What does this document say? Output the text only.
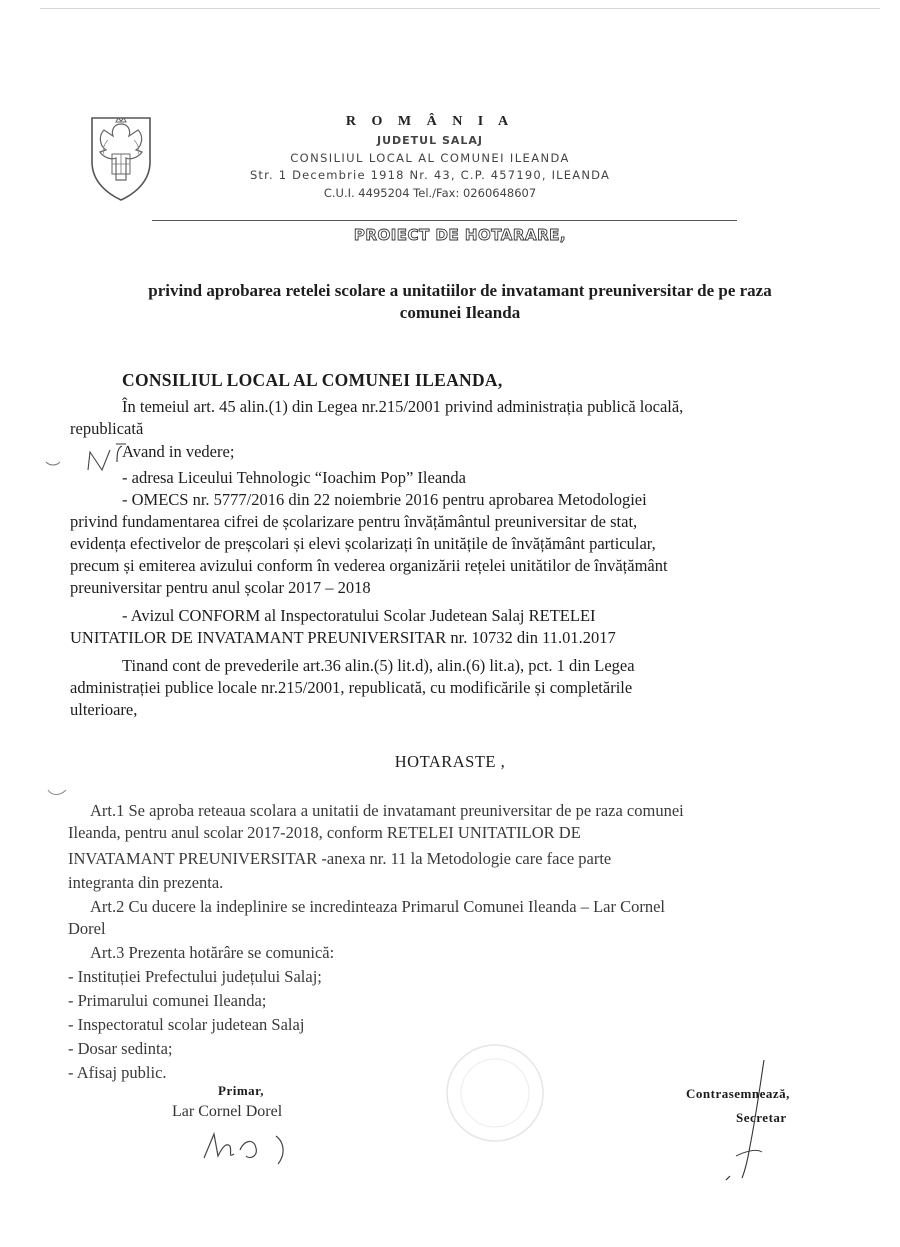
R O M Â N I A
JUDETUL SALAJ
CONSILIUL LOCAL AL COMUNEI ILEANDA
Str. 1 Decembrie 1918 Nr. 43, C.P. 457190, ILEANDA
C.U.I. 4495204 Tel./Fax: 0260648607
PROIECT DE HOTARARE,
privind aprobarea retelei scolare a unitatiilor de invatamant preuniversitar de pe raza
comunei Ileanda
CONSILIUL LOCAL AL COMUNEI ILEANDA,
În temeiul art. 45 alin.(1) din Legea nr.215/2001 privind administrația publică locală,
republicată
Avand in vedere;
- adresa Liceului Tehnologic “Ioachim Pop” Ileanda
- OMECS nr. 5777/2016 din 22 noiembrie 2016 pentru aprobarea Metodologiei
privind fundamentarea cifrei de școlarizare pentru învățământul preuniversitar de stat,
evidența efectivelor de preșcolari și elevi școlarizați în unitățile de învățământ particular,
precum și emiterea avizului conform în vederea organizării rețelei unitătilor de învățământ
preuniversitar pentru anul școlar 2017 – 2018
- Avizul CONFORM al Inspectoratului Scolar Judetean Salaj RETELEI
UNITATILOR DE INVATAMANT PREUNIVERSITAR nr. 10732 din 11.01.2017
Tinand cont de prevederile art.36 alin.(5) lit.d), alin.(6) lit.a), pct. 1 din Legea
administrației publice locale nr.215/2001, republicată, cu modificările și completările
ulterioare,
HOTARASTE ,
Art.1 Se aproba reteaua scolara a unitatii de invatamant preuniversitar de pe raza comunei
Ileanda, pentru anul scolar 2017-2018, conform RETELEI UNITATILOR DE
INVATAMANT PREUNIVERSITAR -anexa nr. 11 la Metodologie care face parte
integranta din prezenta.
Art.2 Cu ducere la indeplinire se incredinteaza Primarul Comunei Ileanda – Lar Cornel
Dorel
Art.3 Prezenta hotărâre se comunică:
- Instituției Prefectului județului Salaj;
- Primarului comunei Ileanda;
- Inspectoratul scolar judetean Salaj
- Dosar sedinta;
- Afisaj public.
Primar,
Lar Cornel Dorel
Contrasemnează,
Secretar
